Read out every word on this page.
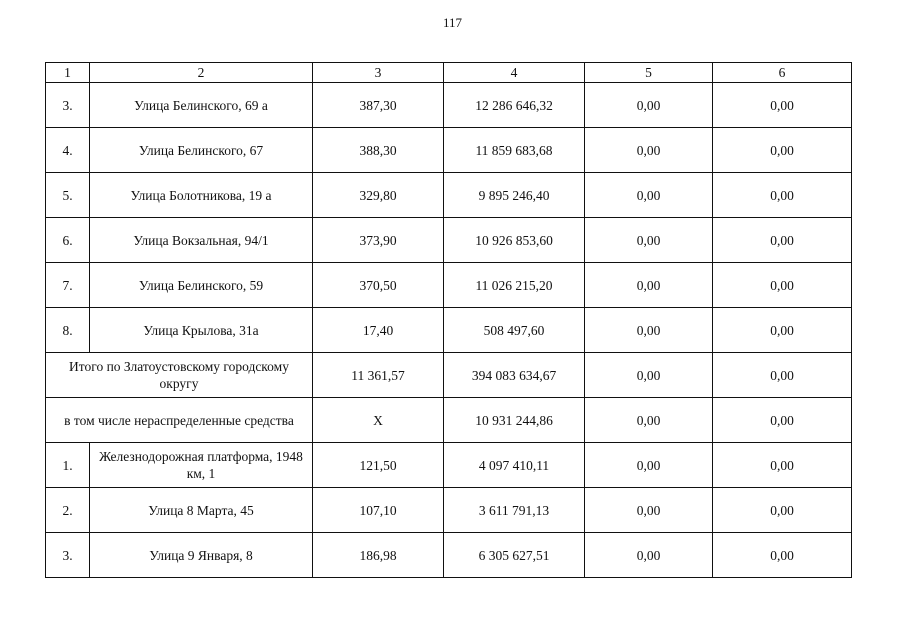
117
1	2	3	4	5	6
3.	Улица Белинского, 69 а	387,30	12 286 646,32	0,00	0,00
4.	Улица Белинского, 67	388,30	11 859 683,68	0,00	0,00
5.	Улица Болотникова, 19 а	329,80	9 895 246,40	0,00	0,00
6.	Улица Вокзальная, 94/1	373,90	10 926 853,60	0,00	0,00
7.	Улица Белинского, 59	370,50	11 026 215,20	0,00	0,00
8.	Улица Крылова, 31а	17,40	508 497,60	0,00	0,00
Итого по Златоустовскому городскому округу		11 361,57	394 083 634,67	0,00	0,00
в том числе нераспределенные средства		Х	10 931 244,86	0,00	0,00
1.	Железнодорожная платформа, 1948 км, 1	121,50	4 097 410,11	0,00	0,00
2.	Улица 8 Марта, 45	107,10	3 611 791,13	0,00	0,00
3.	Улица 9 Января, 8	186,98	6 305 627,51	0,00	0,00
